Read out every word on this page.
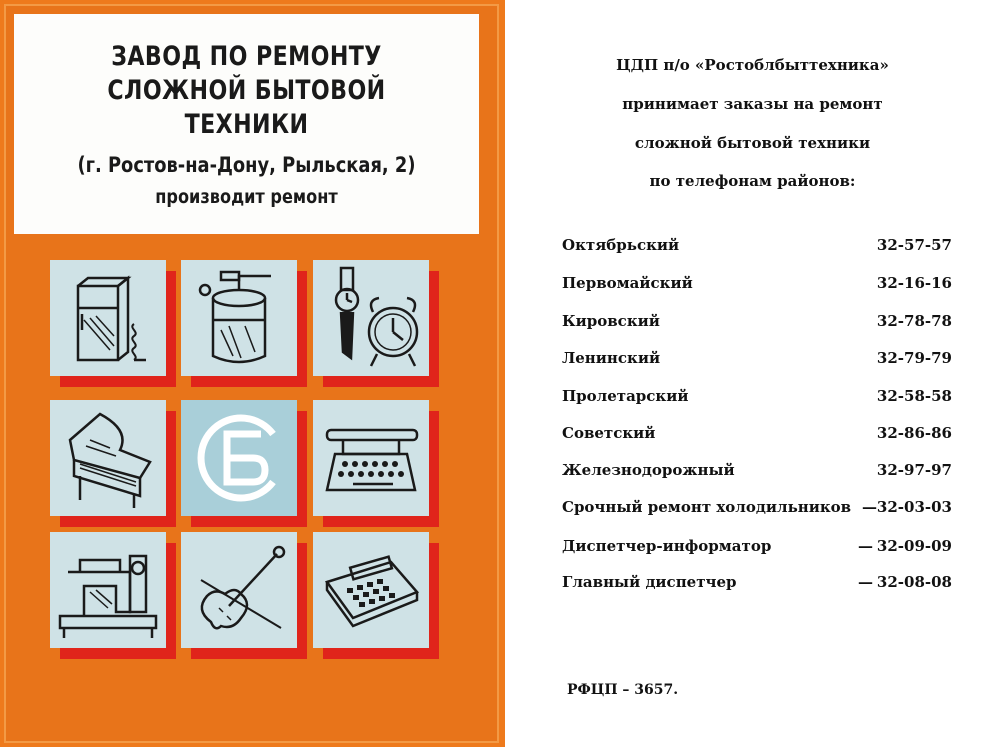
ЗАВОД ПО РЕМОНТУ
СЛОЖНОЙ БЫТОВОЙ
ТЕХНИКИ
(г. Ростов-на-Дону, Рыльская, 2)
производит ремонт
ЦДП п/о «Ростоблбыттехника»
принимает заказы на ремонт
сложной бытовой техники
по телефонам районов:
Октябрьский	32-57-57
Первомайский	32-16-16
Кировский	32-78-78
Ленинский	32-79-79
Пролетарский	32-58-58
Советский	32-86-86
Железнодорожный	32-97-97
Срочный ремонт холодильников — 32-03-03
Диспетчер-информатор	— 32-09-09
Главный диспетчер	— 32-08-08
РФЦП – 3657.
